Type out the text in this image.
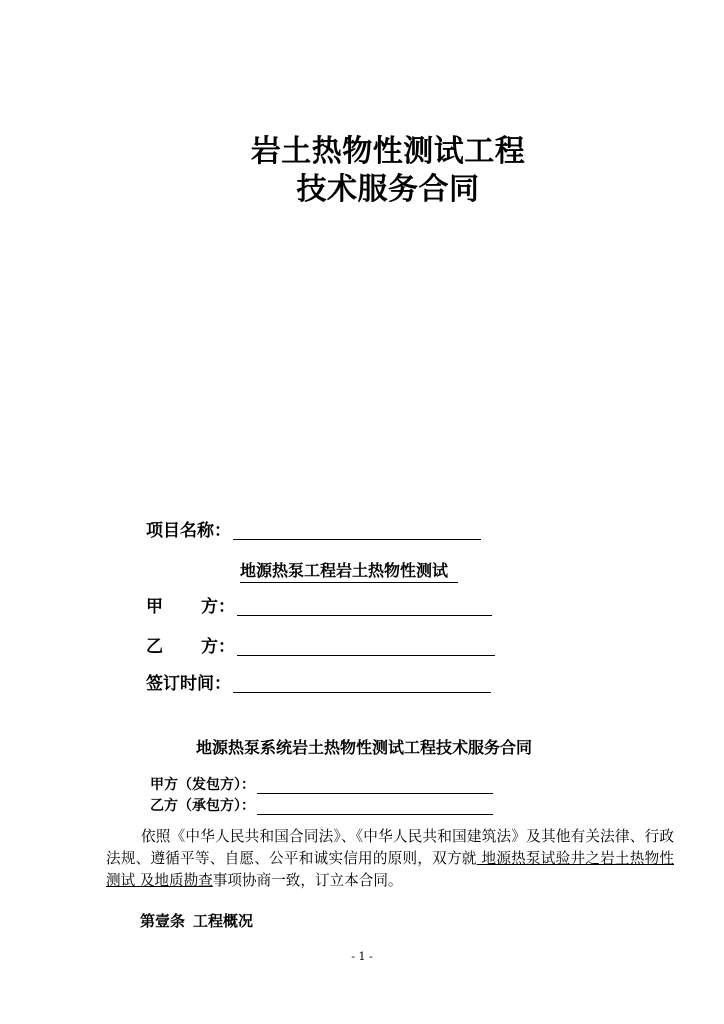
岩土热物性测试工程
技术服务合同
项目名称：
地源热泵工程岩土热物性测试
甲 方：
乙 方：
签订时间：
地源热泵系统岩土热物性测试工程技术服务合同
甲方（发包方）：
乙方（承包方）：
依照《中华人民共和国合同法》、《中华人民共和国建筑法》及其他有关法律、行政法规、遵循平等、自愿、公平和诚实信用的原则，双方就 地源热泵试验井之岩土热物性测试 及地质勘查事项协商一致，订立本合同。
第壹条 工程概况
- 1 -
